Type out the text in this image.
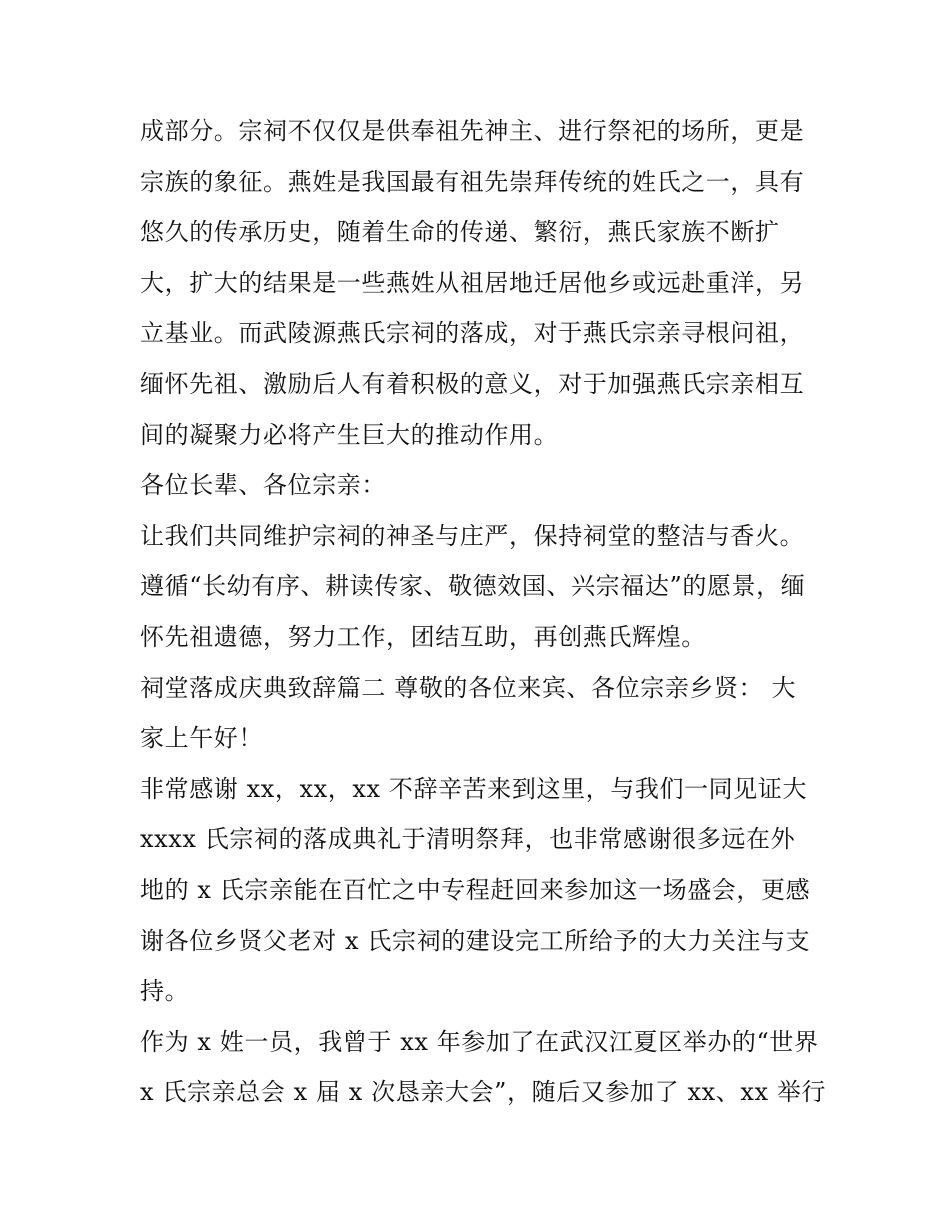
成部分。宗祠不仅仅是供奉祖先神主、进行祭祀的场所，更是
宗族的象征。燕姓是我国最有祖先崇拜传统的姓氏之一，具有
悠久的传承历史，随着生命的传递、繁衍，燕氏家族不断扩
大，扩大的结果是一些燕姓从祖居地迁居他乡或远赴重洋，另
立基业。而武陵源燕氏宗祠的落成，对于燕氏宗亲寻根问祖，
缅怀先祖、激励后人有着积极的意义，对于加强燕氏宗亲相互
间的凝聚力必将产生巨大的推动作用。
各位长辈、各位宗亲：
让我们共同维护宗祠的神圣与庄严，保持祠堂的整洁与香火。
遵循“长幼有序、耕读传家、敬德效国、兴宗福达”的愿景，缅
怀先祖遗德，努力工作，团结互助，再创燕氏辉煌。
祠堂落成庆典致辞篇二 尊敬的各位来宾、各位宗亲乡贤： 大
家上午好！
非常感谢 xx，xx，xx 不辞辛苦来到这里，与我们一同见证大
xxxx 氏宗祠的落成典礼于清明祭拜，也非常感谢很多远在外
地的 x 氏宗亲能在百忙之中专程赶回来参加这一场盛会，更感
谢各位乡贤父老对 x 氏宗祠的建设完工所给予的大力关注与支
持。
作为 x 姓一员，我曾于 xx 年参加了在武汉江夏区举办的“世界
x 氏宗亲总会 x 届 x 次恳亲大会”，随后又参加了 xx、xx 举行
